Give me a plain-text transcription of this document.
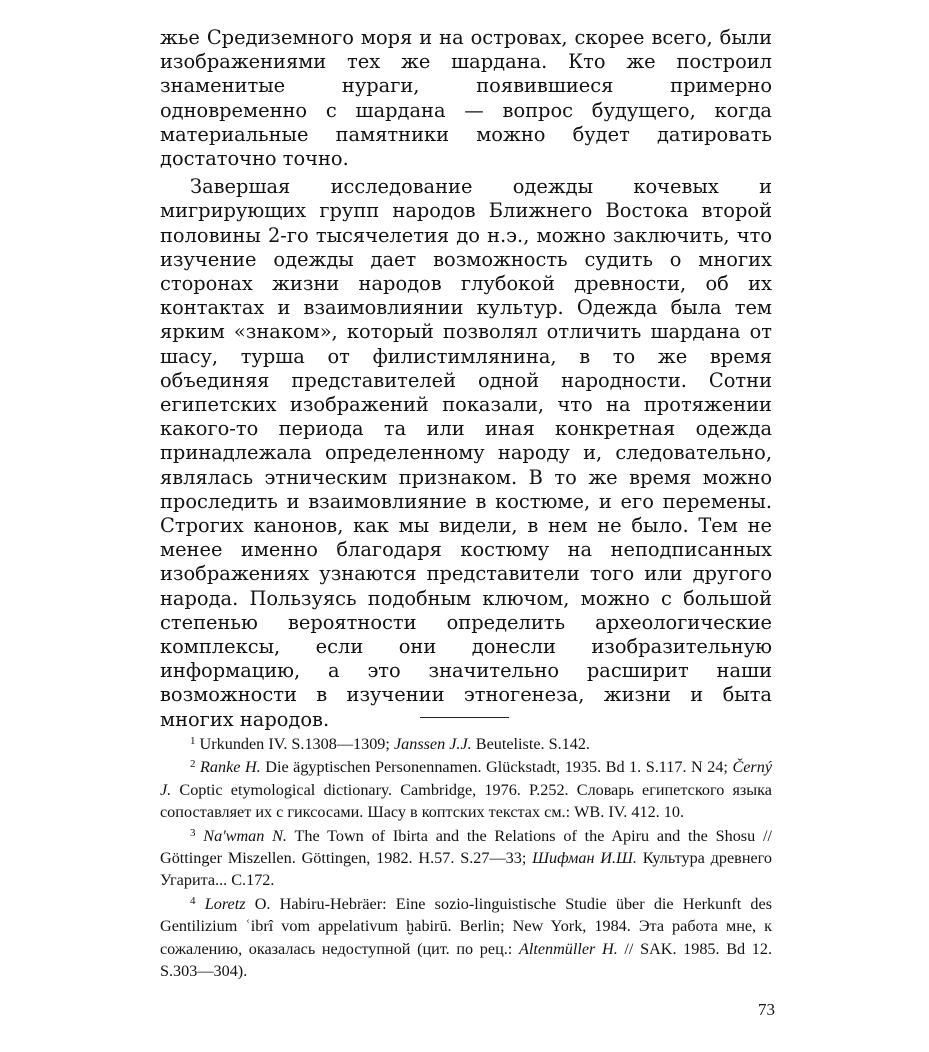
жье Средиземного моря и на островах, скорее всего, были изображениями тех же шардана. Кто же построил знаменитые нураги, появившиеся примерно одновременно с шардана — вопрос будущего, когда материальные памятники можно будет датировать достаточно точно.

Завершая исследование одежды кочевых и мигрирующих групп народов Ближнего Востока второй половины 2-го тысячелетия до н.э., можно заключить, что изучение одежды дает возможность судить о многих сторонах жизни народов глубокой древности, об их контактах и взаимовлиянии культур. Одежда была тем ярким «знаком», который позволял отличить шардана от шасу, турша от филистимлянина, в то же время объединяя представителей одной народности. Сотни египетских изображений показали, что на протяжении какого-то периода та или иная конкретная одежда принадлежала определенному народу и, следовательно, являлась этническим признаком. В то же время можно проследить и взаимовлияние в костюме, и его перемены. Строгих канонов, как мы видели, в нем не было. Тем не менее именно благодаря костюму на неподписанных изображениях узнаются представители того или другого народа. Пользуясь подобным ключом, можно с большой степенью вероятности определить археологические комплексы, если они донесли изобразительную информацию, а это значительно расширит наши возможности в изучении этногенеза, жизни и быта многих народов.

$^1$ Urkunden IV. S.1308—1309; Janssen J.J. Beuteliste. S.142.

$^2$ Ranke H. Die ägyptischen Personennamen. Glückstadt, 1935. Bd 1. S.117. N 24; Černý J. Coptic etymological dictionary. Cambridge, 1976. P.252. Словарь египетского языка сопоставляет их с гиксосами. Шасу в коптских текстах см.: WB. IV. 412. 10.

$^3$ Na'wman N. The Town of Ibirta and the Relations of the Apiru and the Shosu // Göttinger Miszellen. Göttingen, 1982. H.57. S.27—33; Шифман И.Ш. Культура древнего Угарита... С.172.

$^4$ Loretz O. Habiru-Hebräer: Eine sozio-linguistische Studie über die Herkunft des Gentilizium ʿibrî vom appelativum ḫabirū. Berlin; New York, 1984. Эта работа мне, к сожалению, оказалась недоступной (цит. по рец.: Altenmüller H. // SAK. 1985. Bd 12. S.303—304).

73
